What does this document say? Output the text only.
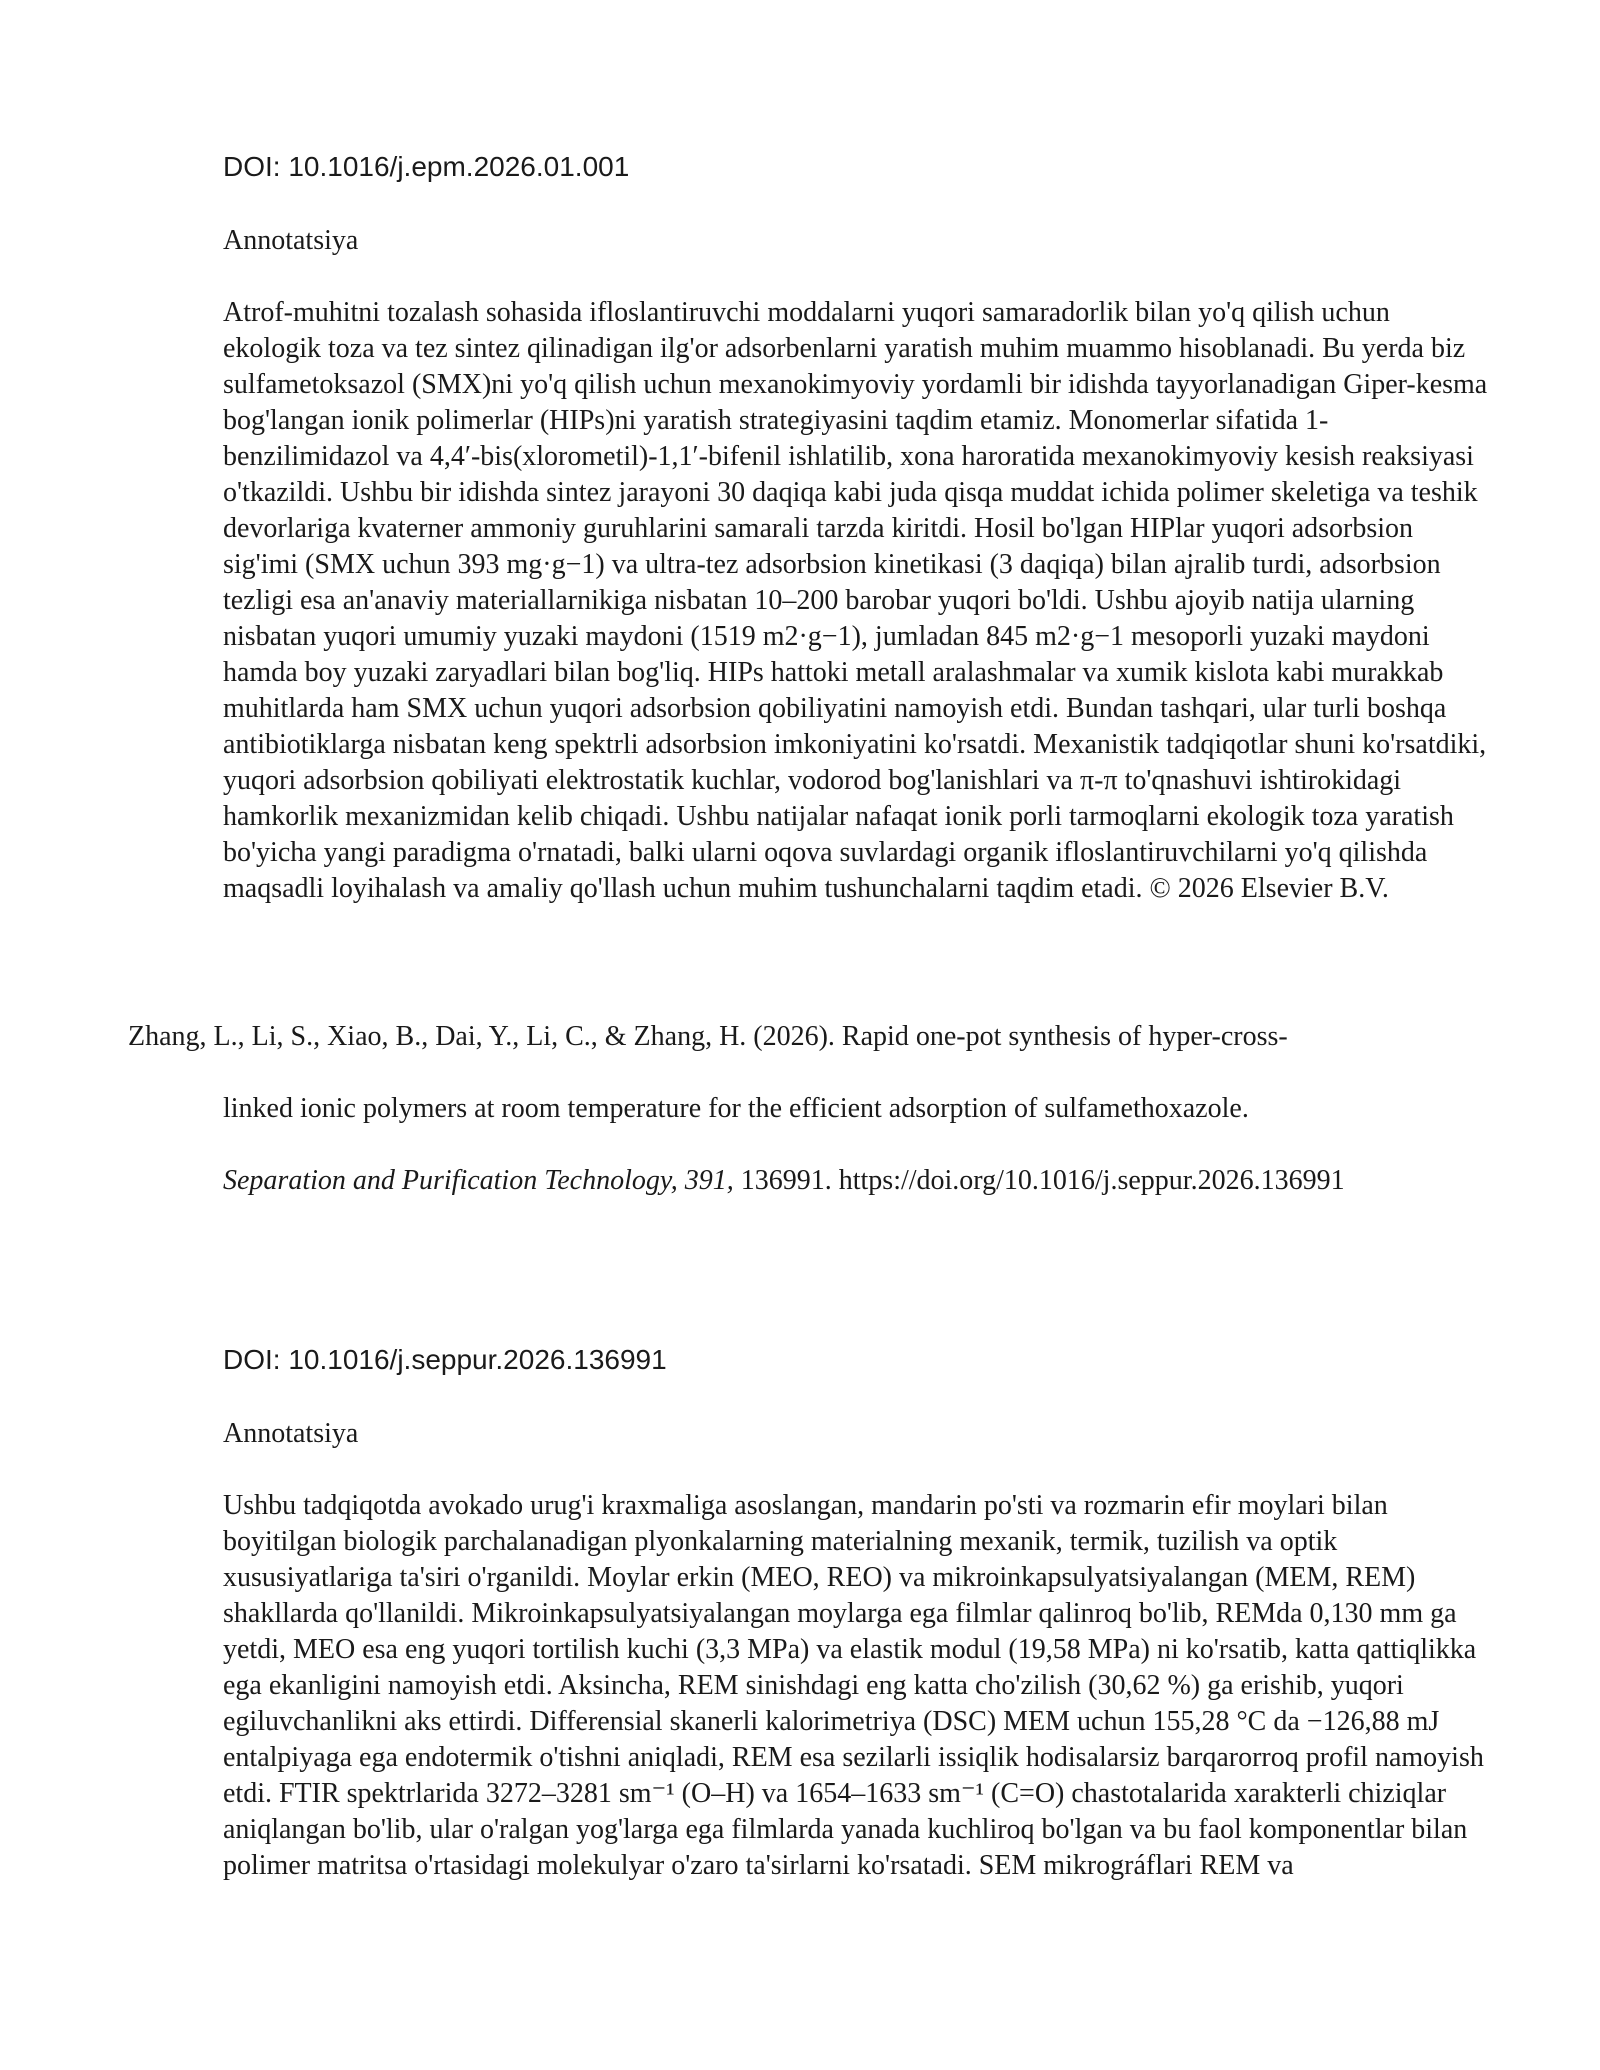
DOI: 10.1016/j.epm.2026.01.001

Annotatsiya

Atrof-muhitni tozalash sohasida ifloslantiruvchi moddalarni yuqori samaradorlik bilan yo'q qilish uchun ekologik toza va tez sintez qilinadigan ilg'or adsorbenlarni yaratish muhim muammo hisoblanadi. Bu yerda biz sulfametoksazol (SMX)ni yo'q qilish uchun mexanokimyoviy yordamli bir idishda tayyorlanadigan Giper-kesma bog'langan ionik polimerlar (HIPs)ni yaratish strategiyasini taqdim etamiz. Monomerlar sifatida 1-benzilimidazol va 4,4′-bis(xlorometil)-1,1′-bifenil ishlatilib, xona haroratida mexanokimyoviy kesish reaksiyasi o'tkazildi. Ushbu bir idishda sintez jarayoni 30 daqiqa kabi juda qisqa muddat ichida polimer skeletiga va teshik devorlariga kvaterner ammoniy guruhlarini samarali tarzda kiritdi. Hosil bo'lgan HIPlar yuqori adsorbsion sig'imi (SMX uchun 393 mg·g−1) va ultra-tez adsorbsion kinetikasi (3 daqiqa) bilan ajralib turdi, adsorbsion tezligi esa an'anaviy materiallarnikiga nisbatan 10–200 barobar yuqori bo'ldi. Ushbu ajoyib natija ularning nisbatan yuqori umumiy yuzaki maydoni (1519 m2·g−1), jumladan 845 m2·g−1 mesoporli yuzaki maydoni hamda boy yuzaki zaryadlari bilan bog'liq. HIPs hattoki metall aralashmalar va xumik kislota kabi murakkab muhitlarda ham SMX uchun yuqori adsorbsion qobiliyatini namoyish etdi. Bundan tashqari, ular turli boshqa antibiotiklarga nisbatan keng spektrli adsorbsion imkoniyatini ko'rsatdi. Mexanistik tadqiqotlar shuni ko'rsatdiki, yuqori adsorbsion qobiliyati elektrostatik kuchlar, vodorod bog'lanishlari va π-π to'qnashuvi ishtirokidagi hamkorlik mexanizmidan kelib chiqadi. Ushbu natijalar nafaqat ionik porli tarmoqlarni ekologik toza yaratish bo'yicha yangi paradigma o'rnatadi, balki ularni oqova suvlardagi organik ifloslantiruvchilarni yo'q qilishda maqsadli loyihalash va amaliy qo'llash uchun muhim tushunchalarni taqdim etadi. © 2026 Elsevier B.V.

Zhang, L., Li, S., Xiao, B., Dai, Y., Li, C., & Zhang, H. (2026). Rapid one-pot synthesis of hyper-cross-

linked ionic polymers at room temperature for the efficient adsorption of sulfamethoxazole.

Separation and Purification Technology, 391, 136991. https://doi.org/10.1016/j.seppur.2026.136991

DOI: 10.1016/j.seppur.2026.136991

Annotatsiya

Ushbu tadqiqotda avokado urug'i kraxmaliga asoslangan, mandarin po'sti va rozmarin efir moylari bilan boyitilgan biologik parchalanadigan plyonkalarning materialning mexanik, termik, tuzilish va optik xususiyatlariga ta'siri o'rganildi. Moylar erkin (MEO, REO) va mikroinkapsulyatsiyalangan (MEM, REM) shakllarda qo'llanildi. Mikroinkapsulyatsiyalangan moylarga ega filmlar qalinroq bo'lib, REMda 0,130 mm ga yetdi, MEO esa eng yuqori tortilish kuchi (3,3 MPa) va elastik modul (19,58 MPa) ni ko'rsatib, katta qattiqlikka ega ekanligini namoyish etdi. Aksincha, REM sinishdagi eng katta cho'zilish (30,62 %) ga erishib, yuqori egiluvchanlikni aks ettirdi. Differensial skanerli kalorimetriya (DSC) MEM uchun 155,28 °C da −126,88 mJ entalpiyaga ega endotermik o'tishni aniqladi, REM esa sezilarli issiqlik hodisalarsiz barqarorroq profil namoyish etdi. FTIR spektrlarida 3272–3281 sm⁻¹ (O–H) va 1654–1633 sm⁻¹ (C=O) chastotalarida xarakterli chiziqlar aniqlangan bo'lib, ular o'ralgan yog'larga ega filmlarda yanada kuchliroq bo'lgan va bu faol komponentlar bilan polimer matritsa o'rtasidagi molekulyar o'zaro ta'sirlarni ko'rsatadi. SEM mikrográflari REM va
